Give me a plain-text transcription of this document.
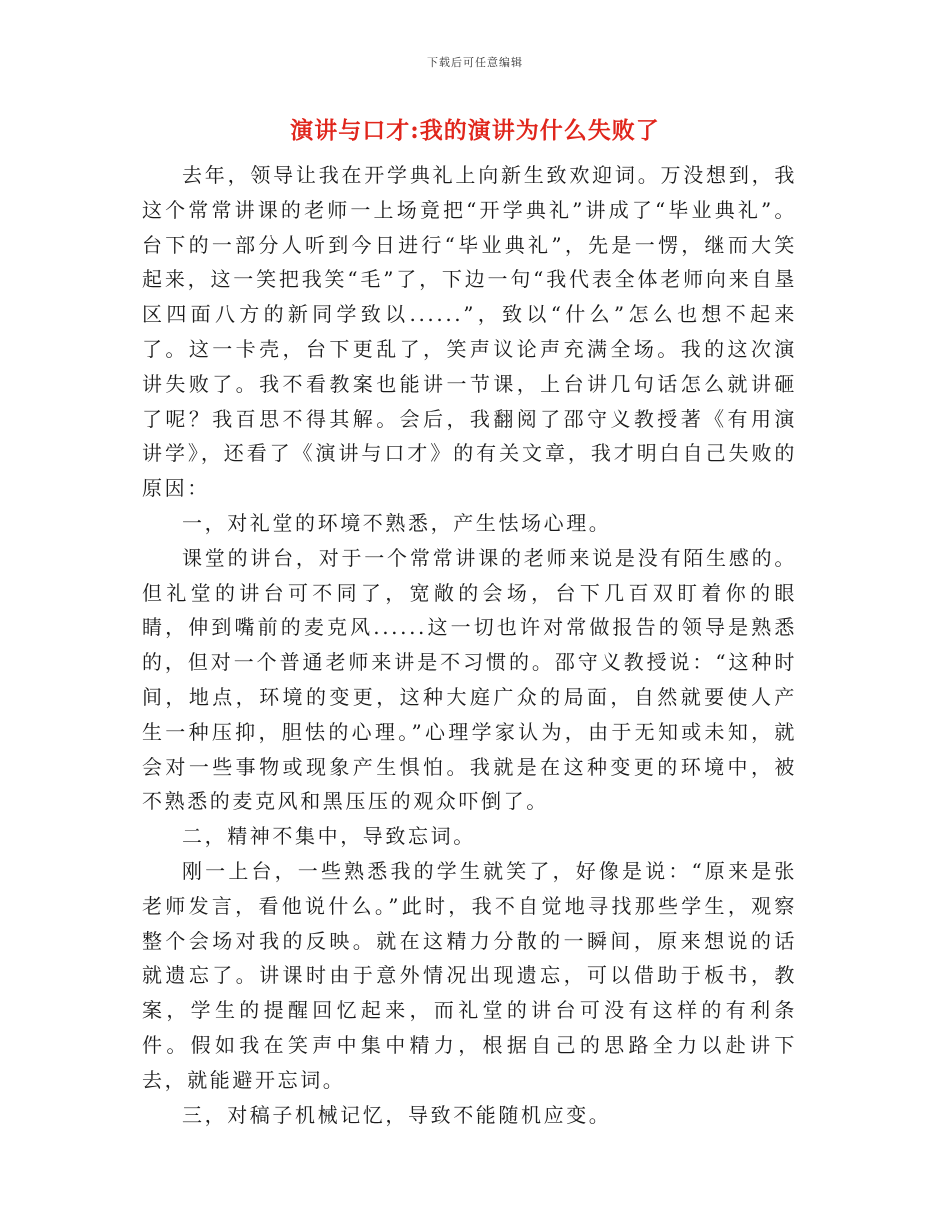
下载后可任意编辑
演讲与口才:我的演讲为什么失败了

去年，领导让我在开学典礼上向新生致欢迎词。万没想到，我这个常常讲课的老师一上场竟把“开学典礼”讲成了“毕业典礼”。台下的一部分人听到今日进行“毕业典礼”，先是一愣，继而大笑起来，这一笑把我笑“毛”了，下边一句“我代表全体老师向来自垦区四面八方的新同学致以......”，致以“什么”怎么也想不起来了。这一卡壳，台下更乱了，笑声议论声充满全场。我的这次演讲失败了。我不看教案也能讲一节课，上台讲几句话怎么就讲砸了呢？我百思不得其解。会后，我翻阅了邵守义教授著《有用演讲学》，还看了《演讲与口才》的有关文章，我才明白自己失败的原因：

一，对礼堂的环境不熟悉，产生怯场心理。

课堂的讲台，对于一个常常讲课的老师来说是没有陌生感的。但礼堂的讲台可不同了，宽敞的会场，台下几百双盯着你的眼睛，伸到嘴前的麦克风......这一切也许对常做报告的领导是熟悉的，但对一个普通老师来讲是不习惯的。邵守义教授说：“这种时间，地点，环境的变更，这种大庭广众的局面，自然就要使人产生一种压抑，胆怯的心理。”心理学家认为，由于无知或未知，就会对一些事物或现象产生惧怕。我就是在这种变更的环境中，被不熟悉的麦克风和黑压压的观众吓倒了。

二，精神不集中，导致忘词。

刚一上台，一些熟悉我的学生就笑了，好像是说：“原来是张老师发言，看他说什么。”此时，我不自觉地寻找那些学生，观察整个会场对我的反映。就在这精力分散的一瞬间，原来想说的话就遗忘了。讲课时由于意外情况出现遗忘，可以借助于板书，教案，学生的提醒回忆起来，而礼堂的讲台可没有这样的有利条件。假如我在笑声中集中精力，根据自己的思路全力以赴讲下去，就能避开忘词。

三，对稿子机械记忆，导致不能随机应变。
